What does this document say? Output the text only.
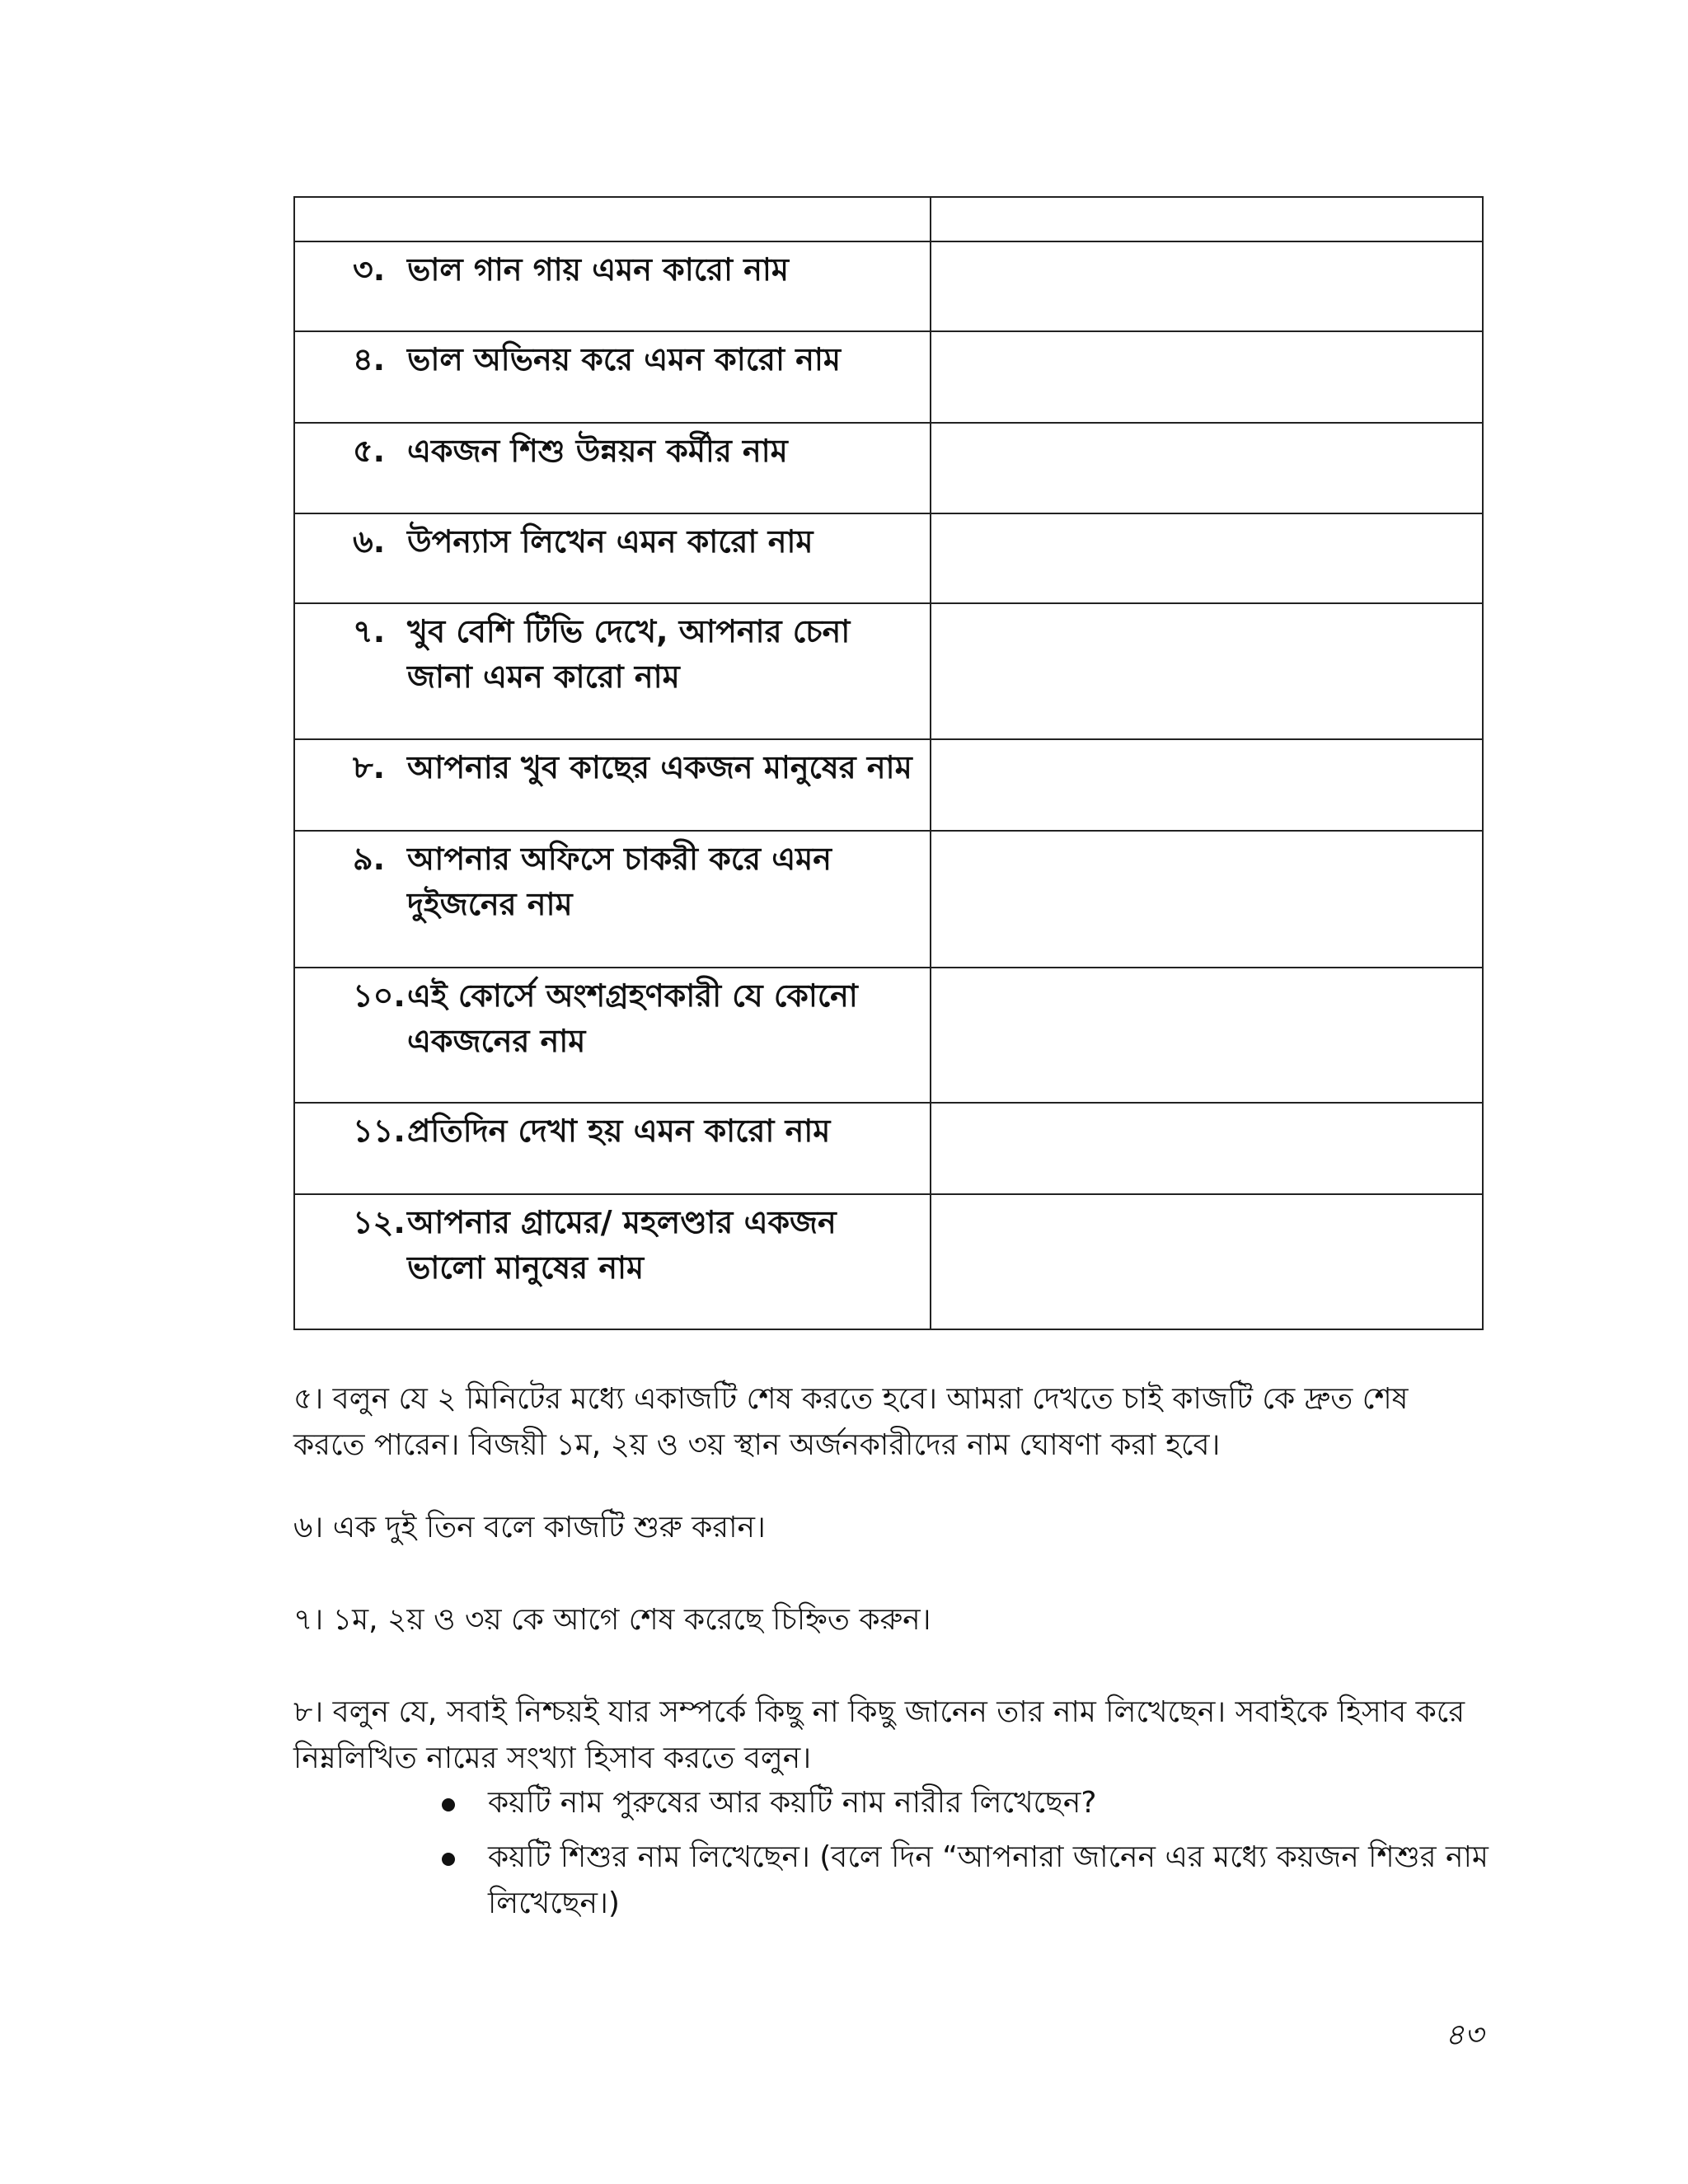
৩. ভাল গান গায় এমন কারো নাম	

৪. ভাল অভিনয় করে এমন কারো নাম	

৫. একজন শিশু উন্নয়ন কর্মীর নাম	

৬. উপন্যাস লিখেন এমন কারো নাম	

৭. খুব বেশি টিভি দেখে, আপনার চেনা জানা এমন কারো নাম	

৮. আপনার খুব কাছের একজন মানুষের নাম	

৯. আপনার অফিসে চাকরী করে এমন দুইজনের নাম	

১০. এই কোর্সে অংশগ্রহণকারী যে কোনো একজনের নাম	

১১. প্রতিদিন দেখা হয় এমন কারো নাম	

১২. আপনার গ্রামের/ মহলণ্ডার একজন ভালো মানুষের নাম	

৫। বলুন যে ২ মিনিটের মধ্যে একাজটি শেষ করতে হবে। আমরা দেখতে চাই কাজটি কে দ্রুত শেষ করতে পারেন। বিজয়ী ১ম, ২য় ও ৩য় স্থান অর্জনকারীদের নাম ঘোষণা করা হবে।

৬। এক দুই তিন বলে কাজটি শুরু করান।

৭। ১ম, ২য় ও ৩য় কে আগে শেষ করেছে চিহ্নিত করুন।

৮। বলুন যে, সবাই নিশ্চয়ই যার সম্পর্কে কিছু না কিছু জানেন তার নাম লিখেছেন। সবাইকে হিসাব করে নিম্নলিখিত নামের সংখ্যা হিসাব করতে বলুন।

কয়টি নাম পুরুষের আর কয়টি নাম নারীর লিখেছেন?
কয়টি শিশুর নাম লিখেছেন। (বলে দিন “আপনারা জানেন এর মধ্যে কয়জন শিশুর নাম লিখেছেন।)
৪৩
